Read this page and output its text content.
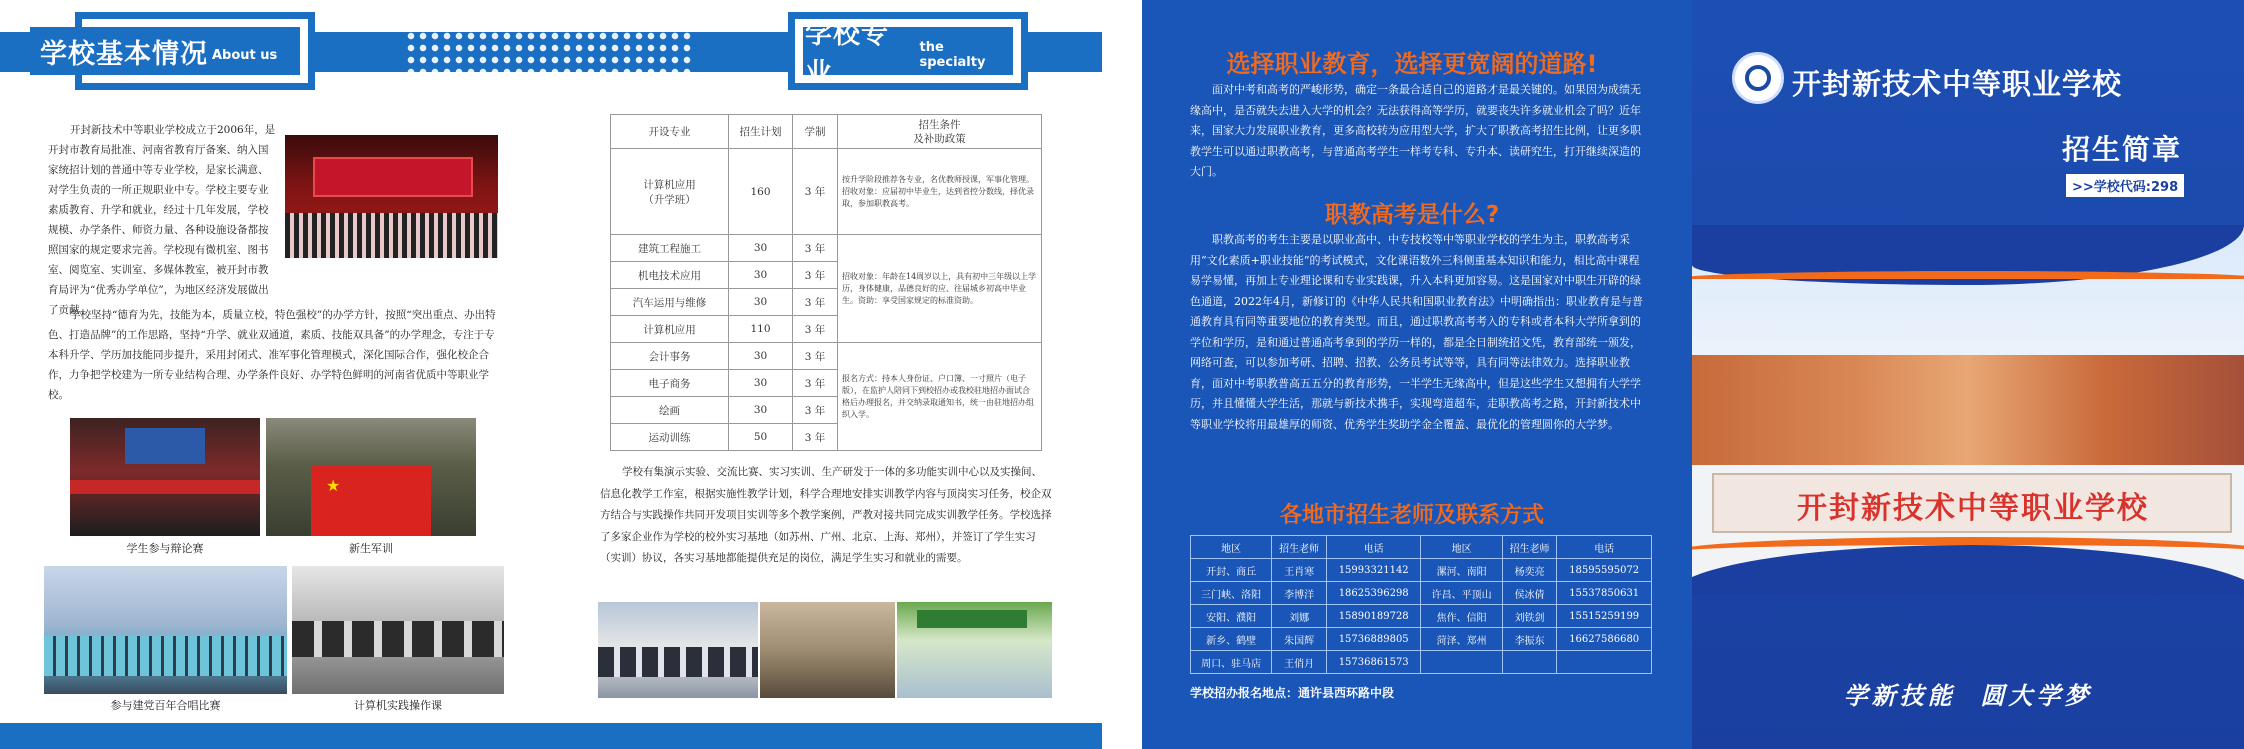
学校基本情况 About us
学校专业
the specialty
开封新技术中等职业学校成立于2006年，是开封市教育局批准、河南省教育厅备案、纳入国家统招计划的普通中等专业学校，是家长满意、对学生负责的一所正规职业中专。学校主要专业素质教育、升学和就业，经过十几年发展，学校规模、办学条件、师资力量、各种设施设备都按照国家的规定要求完善。学校现有微机室、图书室、阅览室、实训室、多媒体教室，被开封市教育局评为“优秀办学单位”，为地区经济发展做出了贡献。
学校坚持“德育为先，技能为本，质量立校，特色强校”的办学方针，按照“突出重点、办出特色、打造品牌”的工作思路，坚持“升学、就业双通道，素质、技能双具备”的办学理念，专注于专本科升学、学历加技能同步提升，采用封闭式、准军事化管理模式，深化国际合作，强化校企合作，力争把学校建为一所专业结构合理、办学条件良好、办学特色鲜明的河南省优质中等职业学校。
学生参与辩论赛
★
新生军训
参与建党百年合唱比赛	计算机实践操作课
开设专业	招生计划	学制	招生条件
及补助政策
计算机应用
（升学班）	160	3 年	按升学阶段推荐各专业，名优教师授课，军事化管理。招收对象：应届初中毕业生，达到省控分数线，择优录取，参加职教高考。
建筑工程施工	30	3 年	招收对象：年龄在14周岁以上，具有初中三年级以上学历，身体健康，品德良好的应、往届城乡初高中毕业生。资助：享受国家规定的标准资助。
机电技术应用	30	3 年	
汽车运用与维修	30	3 年	
计算机应用	110	3 年	
会计事务	30	3 年	报名方式：持本人身份证、户口簿、一寸照片（电子版），在监护人陪同下到校招办或我校驻地招办面试合格后办理报名，并交纳录取通知书，统一由驻地招办组织入学。
电子商务	30	3 年	
绘画	30	3 年	
运动训练	50	3 年	
学校有集演示实验、交流比赛、实习实训、生产研发于一体的多功能实训中心以及实操间、信息化教学工作室，根据实施性教学计划，科学合理地安排实训教学内容与顶岗实习任务，校企双方结合与实践操作共同开发项目实训等多个教学案例，严教对接共同完成实训教学任务。学校选择了多家企业作为学校的校外实习基地（如苏州、广州、北京、上海、郑州），并签订了学生实习（实训）协议，各实习基地都能提供充足的岗位，满足学生实习和就业的需要。
选择职业教育，选择更宽阔的道路!
面对中考和高考的严峻形势，确定一条最合适自己的道路才是最关键的。如果因为成绩无缘高中，是否就失去进入大学的机会？无法获得高等学历，就要丧失许多就业机会了吗？近年来，国家大力发展职业教育，更多高校转为应用型大学，扩大了职教高考招生比例，让更多职教学生可以通过职教高考，与普通高考学生一样考专科、专升本、读研究生，打开继续深造的大门。
职教高考是什么?
职教高考的考生主要是以职业高中、中专技校等中等职业学校的学生为主，职教高考采用“文化素质+职业技能”的考试模式，文化课语数外三科侧重基本知识和能力，相比高中课程易学易懂，再加上专业理论课和专业实践课，升入本科更加容易。这是国家对中职生开辟的绿色通道，2022年4月，新修订的《中华人民共和国职业教育法》中明确指出：职业教育是与普通教育具有同等重要地位的教育类型。而且，通过职教高考考入的专科或者本科大学所拿到的学位和学历，是和通过普通高考拿到的学历一样的，都是全日制统招文凭，教育部统一颁发，网络可查，可以参加考研、招聘、招教、公务员考试等等，具有同等法律效力。选择职业教育，面对中考职教普高五五分的教育形势，一半学生无缘高中，但是这些学生又想拥有大学学历，并且懂懂大学生活，那就与新技术携手，实现弯道超车，走职教高考之路，开封新技术中等职业学校将用最雄厚的师资、优秀学生奖助学金全覆盖、最优化的管理圆你的大学梦。
各地市招生老师及联系方式
地区	招生老师	电话	地区	招生老师	电话
开封、商丘	王肖寒	15993321142	漯河、南阳	杨奕亮	18595595072
三门峡、洛阳	李博洋	18625396298	许昌、平顶山	侯冰倩	15537850631
安阳、濮阳	刘娜	15890189728	焦作、信阳	刘铁剑	15515259199
新乡、鹤壁	朱国辉	15736889805	菏泽、郑州	李振东	16627586680
周口、驻马店	王俏月	15736861573			
学校招办报名地点：通许县西环路中段
开封新技术中等职业学校
招生简章
>>学校代码:298
开封新技术中等职业学校
学新技能  圆大学梦
